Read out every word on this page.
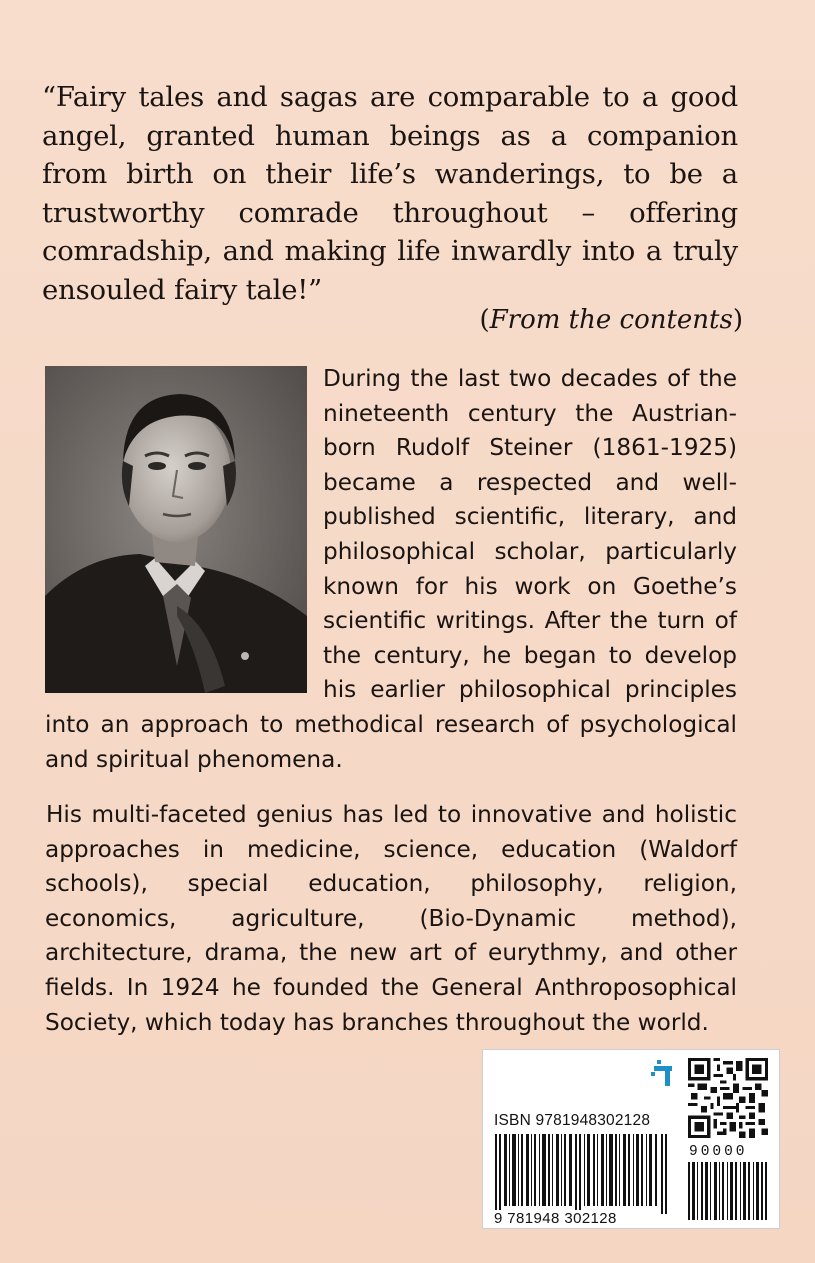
“Fairy tales and sagas are comparable to a good angel, granted human beings as a companion from birth on their life’s wanderings, to be a trustworthy comrade throughout – offering comradship, and making life inwardly into a truly ensouled fairy tale!”

(From the contents)

During the last two decades of the nineteenth century the Austrian-born Rudolf Steiner (1861-1925) became a respected and well-published scientific, literary, and philosophical scholar, particularly known for his work on Goethe’s scientific writings. After the turn of the century, he began to develop his earlier philosophical principles into an approach to methodical research of psychological and spiritual phenomena.

His multi-faceted genius has led to innovative and holistic approaches in medicine, science, education (Waldorf schools), special education, philosophy, religion, economics, agriculture, (Bio-Dynamic method), architecture, drama, the new art of eurythmy, and other fields. In 1924 he founded the General Anthroposophical Society, which today has branches throughout the world.

ISBN 9781948302128
90000
9 781948 302128
